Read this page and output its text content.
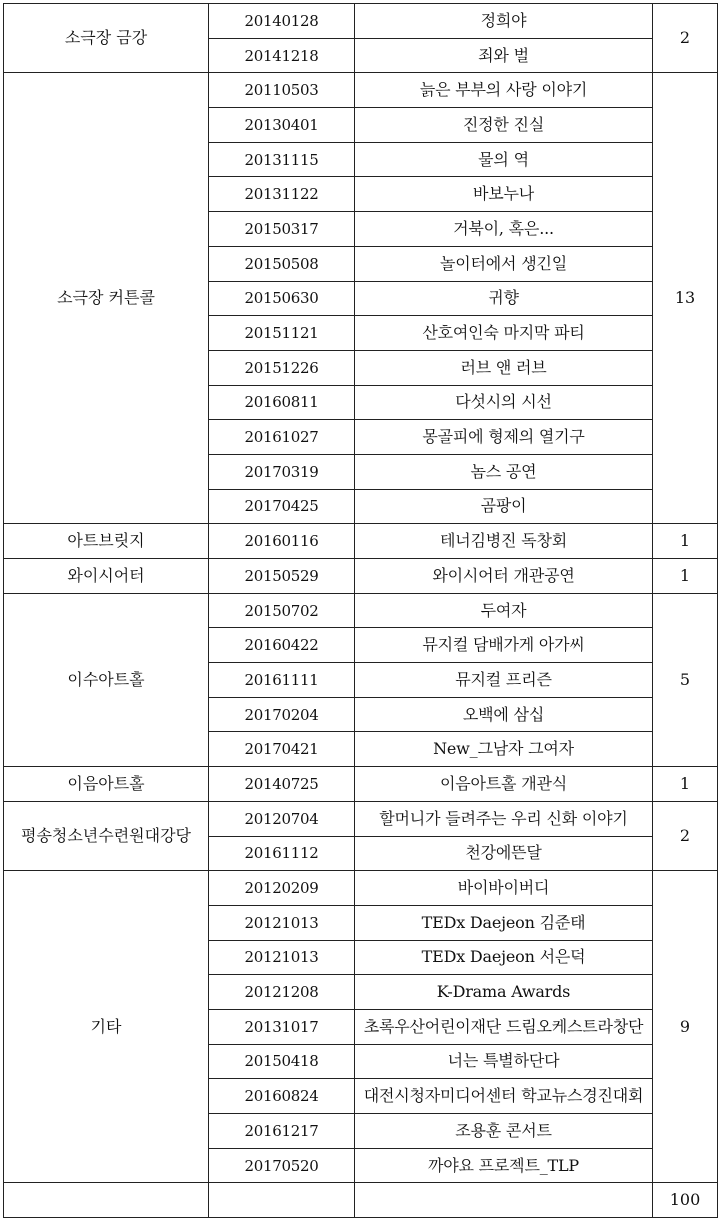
소극장 금강	20140128	정희야	2
	20141218	죄와 벌	
소극장 커튼콜	20110503	늙은 부부의 사랑 이야기	13
	20130401	진정한 진실	
	20131115	물의 역	
	20131122	바보누나	
	20150317	거북이, 혹은...	
	20150508	놀이터에서 생긴일	
	20150630	귀향	
	20151121	산호여인숙 마지막 파티	
	20151226	러브 앤 러브	
	20160811	다섯시의 시선	
	20161027	몽골피에 형제의 열기구	
	20170319	놈스 공연	
	20170425	곰팡이	
아트브릿지	20160116	테너김병진 독창회	1
와이시어터	20150529	와이시어터 개관공연	1
이수아트홀	20150702	두여자	5
	20160422	뮤지컬 담배가게 아가씨	
	20161111	뮤지컬 프리즌	
	20170204	오백에 삼십	
	20170421	New_그남자 그여자	
이음아트홀	20140725	이음아트홀 개관식	1
평송청소년수련원대강당	20120704	할머니가 들려주는 우리 신화 이야기	2
	20161112	천강에뜬달	
기타	20120209	바이바이버디	9
	20121013	TEDx Daejeon 김준태	
	20121013	TEDx Daejeon 서은덕	
	20121208	K-Drama Awards	
	20131017	초록우산어린이재단 드림오케스트라창단	
	20150418	너는 특별하단다	
	20160824	대전시청자미디어센터 학교뉴스경진대회	
	20161217	조용훈 콘서트	
	20170520	까야요 프로젝트_TLP	
			100
